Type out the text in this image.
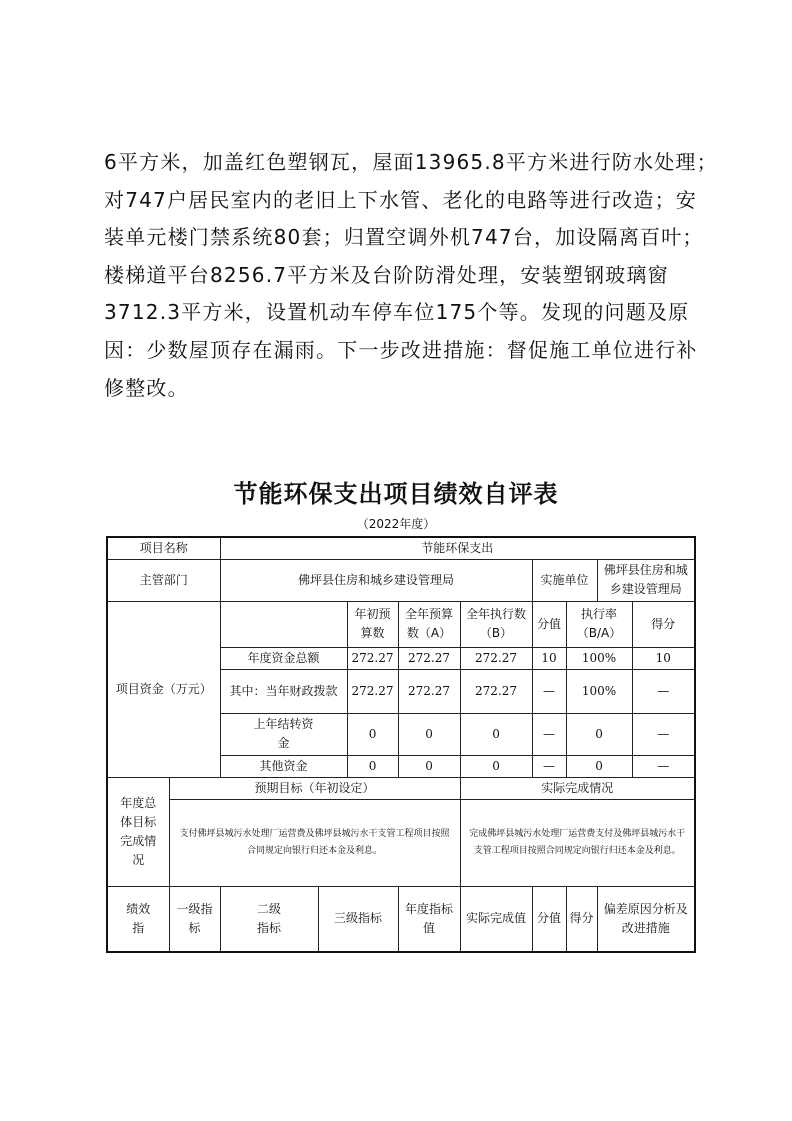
6平方米，加盖红色塑钢瓦，屋面13965.8平方米进行防水处理；
对747户居民室内的老旧上下水管、老化的电路等进行改造；安
装单元楼门禁系统80套；归置空调外机747台，加设隔离百叶；
楼梯道平台8256.7平方米及台阶防滑处理，安装塑钢玻璃窗
3712.3平方米，设置机动车停车位175个等。发现的问题及原
因：少数屋顶存在漏雨。下一步改进措施：督促施工单位进行补
修整改。
节能环保支出项目绩效自评表
（2022年度）
项目名称		节能环保支出								
主管部门		佛坪县住房和城乡建设管理局					实施单位		佛坪县住房和城乡建设管理局	
项目资金（万元）				年初预算数	全年预算数（A）	全年执行数（B）	分值	执行率（B/A）		得分
		年度资金总额		272.27	272.27	272.27	10	100%		10
		其中：当年财政拨款		272.27	272.27	272.27	—	100%		—
		上年结转资金		0	0	0	—	0		—
		其他资金		0	0	0	—	0		—
年度总体目标完成情况	预期目标（年初设定）					实际完成情况				
	支付佛坪县城污水处理厂运营费及佛坪县城污水干支管工程项目按照合同规定向银行归还本金及利息。					完成佛坪县城污水处理厂运营费支付及佛坪县城污水干支管工程项目按照合同规定向银行归还本金及利息。				
绩效指	一级指标	二级指标	三级指标		年度指标值	实际完成值	分值	得分	偏差原因分析及改进措施	
